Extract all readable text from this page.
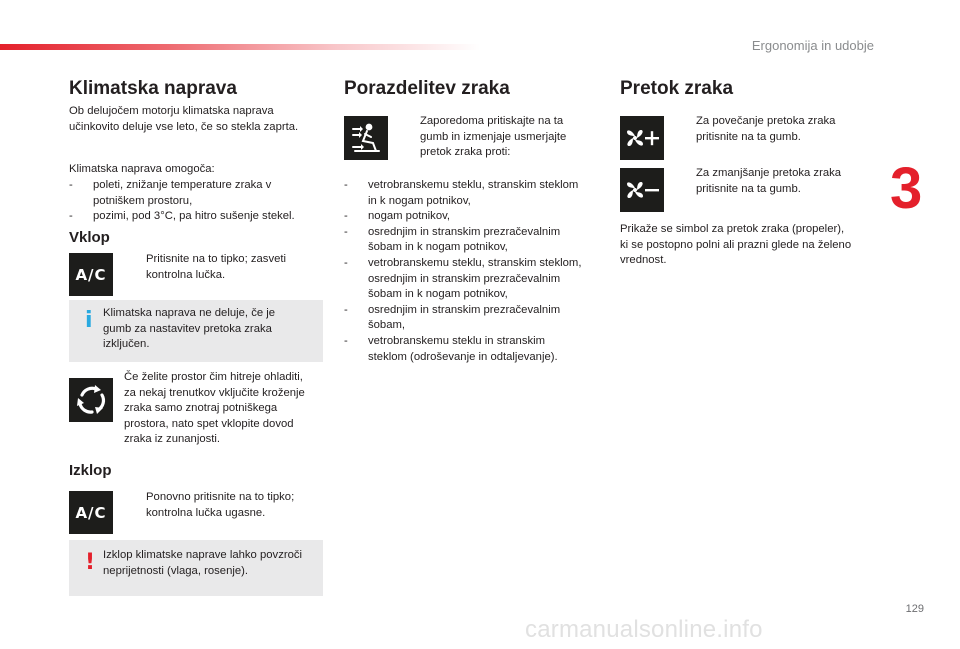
Ergonomija in udobje
3
Klimatska naprava
Ob delujočem motorju klimatska naprava
učinkovito deluje vse leto, če so stekla zaprta.
Klimatska naprava omogoča:
- poleti, znižanje temperature zraka v
potniškem prostoru,
- pozimi, pod 3°C, pa hitro sušenje stekel.
Vklop
A/C
Pritisnite na to tipko; zasveti
kontrolna lučka.
i Klimatska naprava ne deluje, če je
gumb za nastavitev pretoka zraka
izključen.
Če želite prostor čim hitreje ohladiti,
za nekaj trenutkov vključite kroženje
zraka samo znotraj potniškega
prostora, nato spet vklopite dovod
zraka iz zunanjosti.
Izklop
A/C
Ponovno pritisnite na to tipko;
kontrolna lučka ugasne.
! Izklop klimatske naprave lahko povzroči
neprijetnosti (vlaga, rosenje).
Porazdelitev zraka
Zaporedoma pritiskajte na ta
gumb in izmenjaje usmerjajte
pretok zraka proti:
- vetrobranskemu steklu, stranskim steklom
in k nogam potnikov,
- nogam potnikov,
- osrednjim in stranskim prezračevalnim
šobam in k nogam potnikov,
- vetrobranskemu steklu, stranskim steklom,
osrednjim in stranskim prezračevalnim
šobam in k nogam potnikov,
- osrednjim in stranskim prezračevalnim
šobam,
- vetrobranskemu steklu in stranskim
steklom (odroševanje in odtaljevanje).
Pretok zraka
Za povečanje pretoka zraka
pritisnite na ta gumb.
Za zmanjšanje pretoka zraka
pritisnite na ta gumb.
Prikaže se simbol za pretok zraka (propeler),
ki se postopno polni ali prazni glede na želeno
vrednost.
129
carmanualsonline.info
